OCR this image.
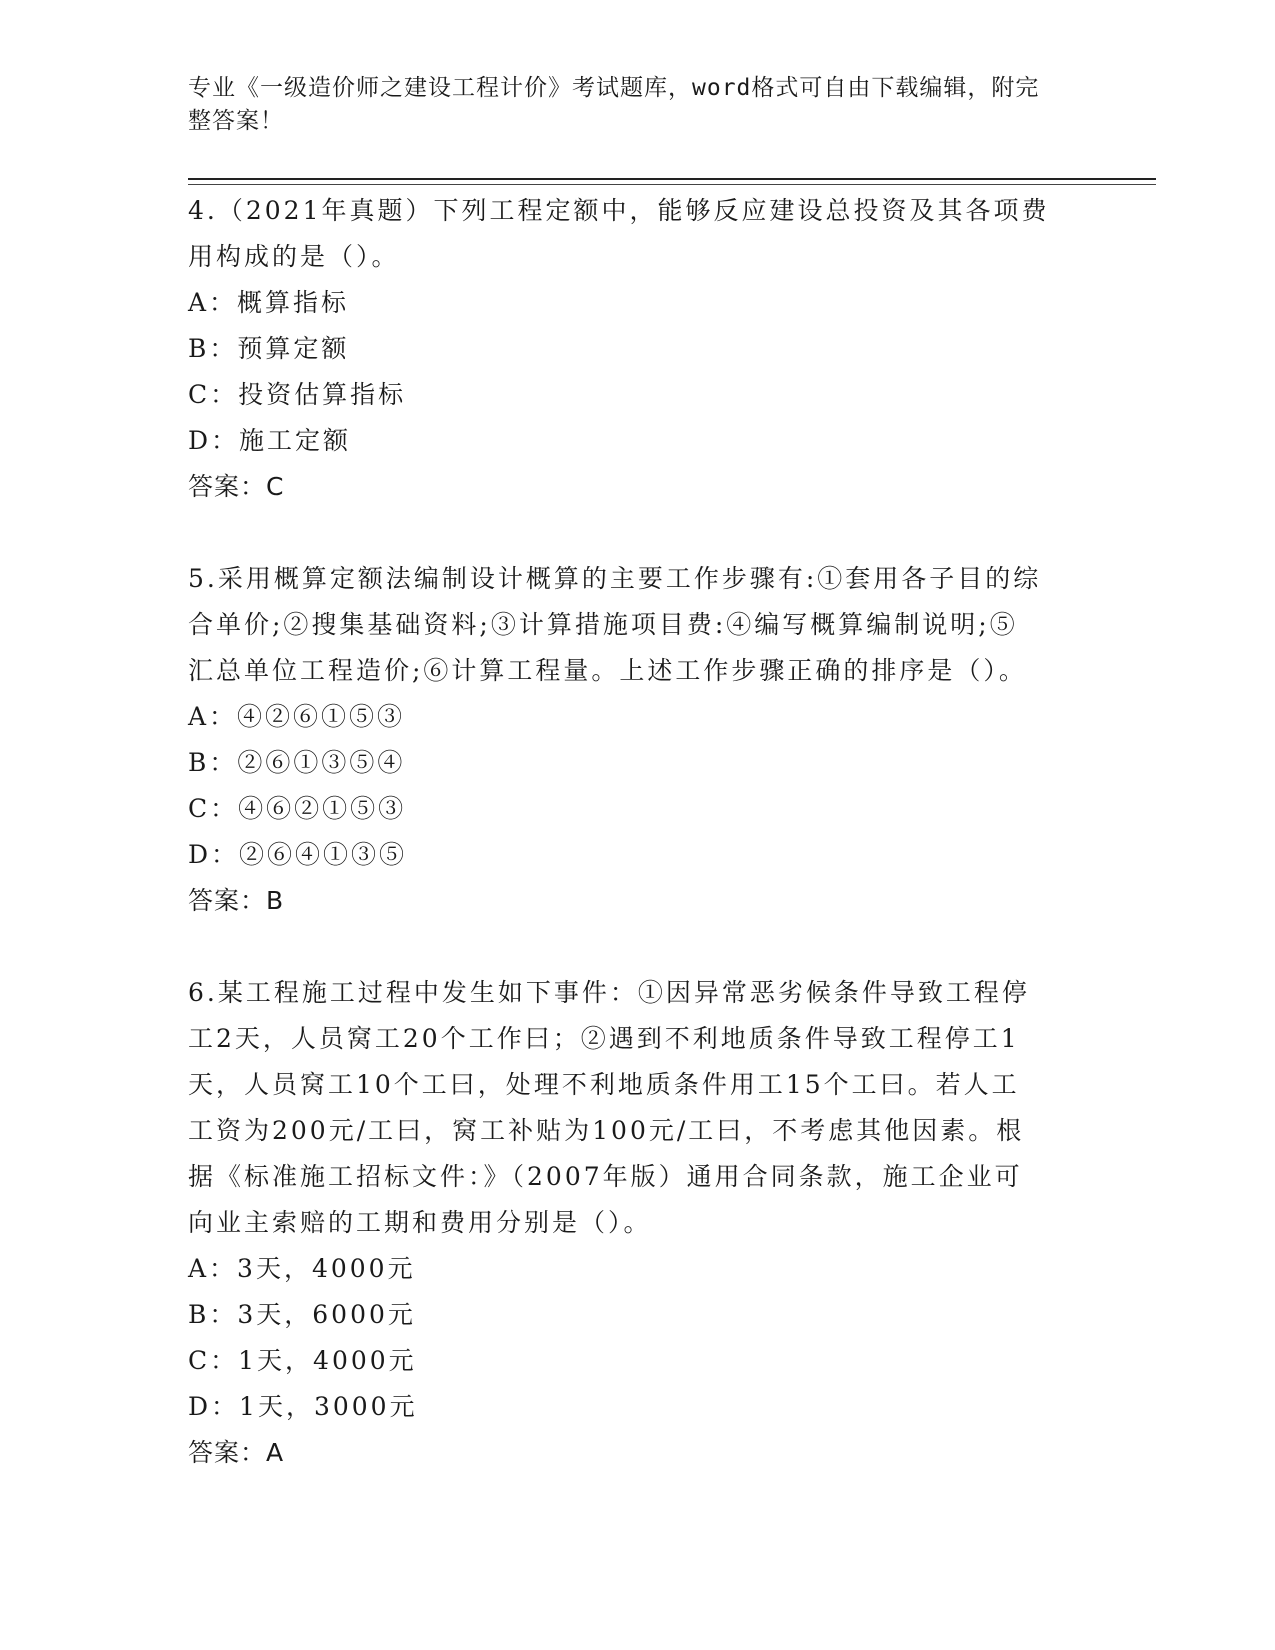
专业《一级造价师之建设工程计价》考试题库，word格式可自由下载编辑，附完
整答案！
4.（2021年真题）下列工程定额中，能够反应建设总投资及其各项费
用构成的是（）。
A：概算指标
B：预算定额
C：投资估算指标
D：施工定额
答案：C
5.采用概算定额法编制设计概算的主要工作步骤有:①套用各子目的综
合单价;②搜集基础资料;③计算措施项目费:④编写概算编制说明;⑤
汇总单位工程造价;⑥计算工程量。上述工作步骤正确的排序是（）。
A：④②⑥①⑤③
B：②⑥①③⑤④
C：④⑥②①⑤③
D：②⑥④①③⑤
答案：B
6.某工程施工过程中发生如下事件：①因异常恶劣候条件导致工程停
工2天，人员窝工20个工作曰；②遇到不利地质条件导致工程停工1
天，人员窝工10个工曰，处理不利地质条件用工15个工曰。若人工
工资为200元/工曰，窝工补贴为100元/工曰，不考虑其他因素。根
据《标准施工招标文件：》（2007年版）通用合同条款，施工企业可
向业主索赔的工期和费用分别是（）。
A：3天，4000元
B：3天，6000元
C：1天，4000元
D：1天，3000元
答案：A
